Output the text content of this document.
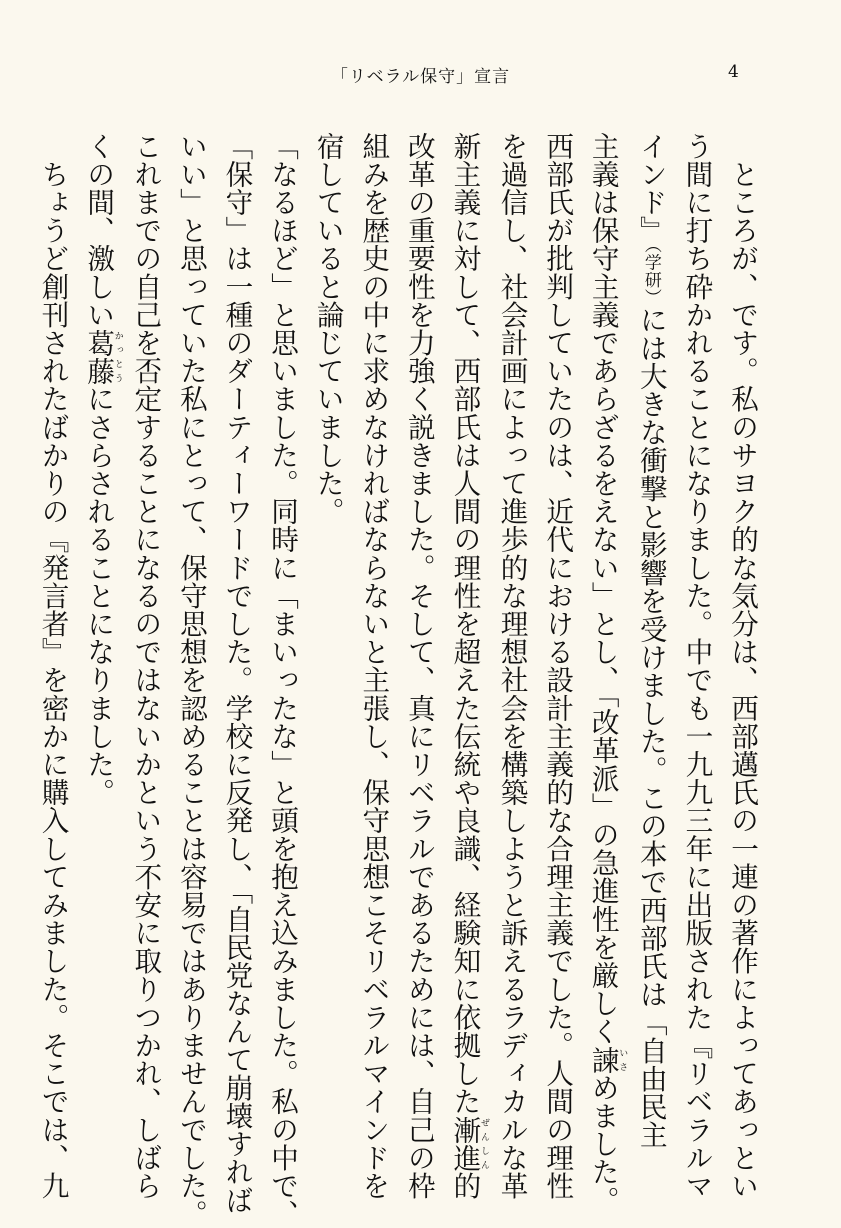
「リベラル保守」宣言	4
　ところが、です。私のサヨク的な気分は、西部邁氏の一連の著作によってあっとい
う間に打ち砕かれることになりました。中でも一九九三年に出版された『リベラルマ
インド』（学研）には大きな衝撃と影響を受けました。この本で西部氏は「自由民主
主義は保守主義であらざるをえない」とし、「改革派」の急進性を厳しく諫いさめました。
西部氏が批判していたのは、近代における設計主義的な合理主義でした。人間の理性
を過信し、社会計画によって進歩的な理想社会を構築しようと訴えるラディカルな革
新主義に対して、西部氏は人間の理性を超えた伝統や良識、経験知に依拠した漸進ぜんしん的
改革の重要性を力強く説きました。そして、真にリベラルであるためには、自己の枠
組みを歴史の中に求めなければならないと主張し、保守思想こそリベラルマインドを
宿していると論じていました。
「なるほど」と思いました。同時に「まいったな」と頭を抱え込みました。私の中で、
「保守」は一種のダーティーワードでした。学校に反発し、「自民党なんて崩壊すれば
いい」と思っていた私にとって、保守思想を認めることは容易ではありませんでした。
これまでの自己を否定することになるのではないかという不安に取りつかれ、しばら
くの間、激しい葛藤かっとうにさらされることになりました。
　ちょうど創刊されたばかりの『発言者』を密かに購入してみました。そこでは、九
